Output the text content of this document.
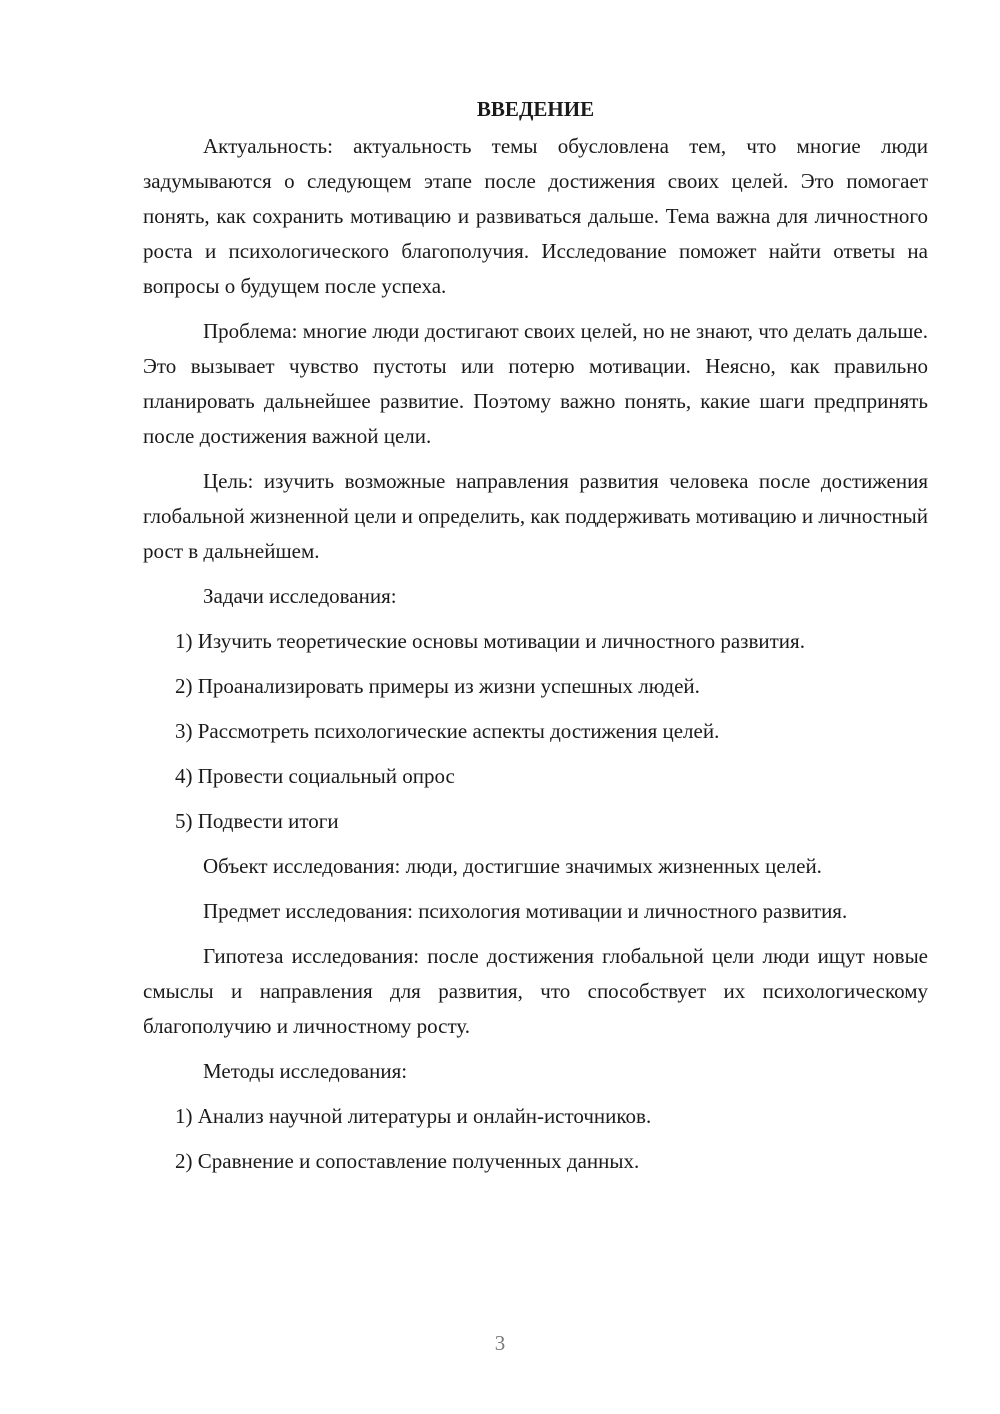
ВВЕДЕНИЕ

Актуальность: актуальность темы обусловлена тем, что многие люди задумываются о следующем этапе после достижения своих целей. Это помогает понять, как сохранить мотивацию и развиваться дальше. Тема важна для личностного роста и психологического благополучия. Исследование поможет найти ответы на вопросы о будущем после успеха.

Проблема: многие люди достигают своих целей, но не знают, что делать дальше. Это вызывает чувство пустоты или потерю мотивации. Неясно, как правильно планировать дальнейшее развитие. Поэтому важно понять, какие шаги предпринять после достижения важной цели.

Цель: изучить возможные направления развития человека после достижения глобальной жизненной цели и определить, как поддерживать мотивацию и личностный рост в дальнейшем.

Задачи исследования:

1) Изучить теоретические основы мотивации и личностного развития.

2) Проанализировать примеры из жизни успешных людей.

3) Рассмотреть психологические аспекты достижения целей.

4) Провести социальный опрос

5) Подвести итоги

Объект исследования: люди, достигшие значимых жизненных целей.

Предмет исследования: психология мотивации и личностного развития.

Гипотеза исследования: после достижения глобальной цели люди ищут новые смыслы и направления для развития, что способствует их психологическому благополучию и личностному росту.

Методы исследования:

1) Анализ научной литературы и онлайн-источников.

2) Сравнение и сопоставление полученных данных.

3
